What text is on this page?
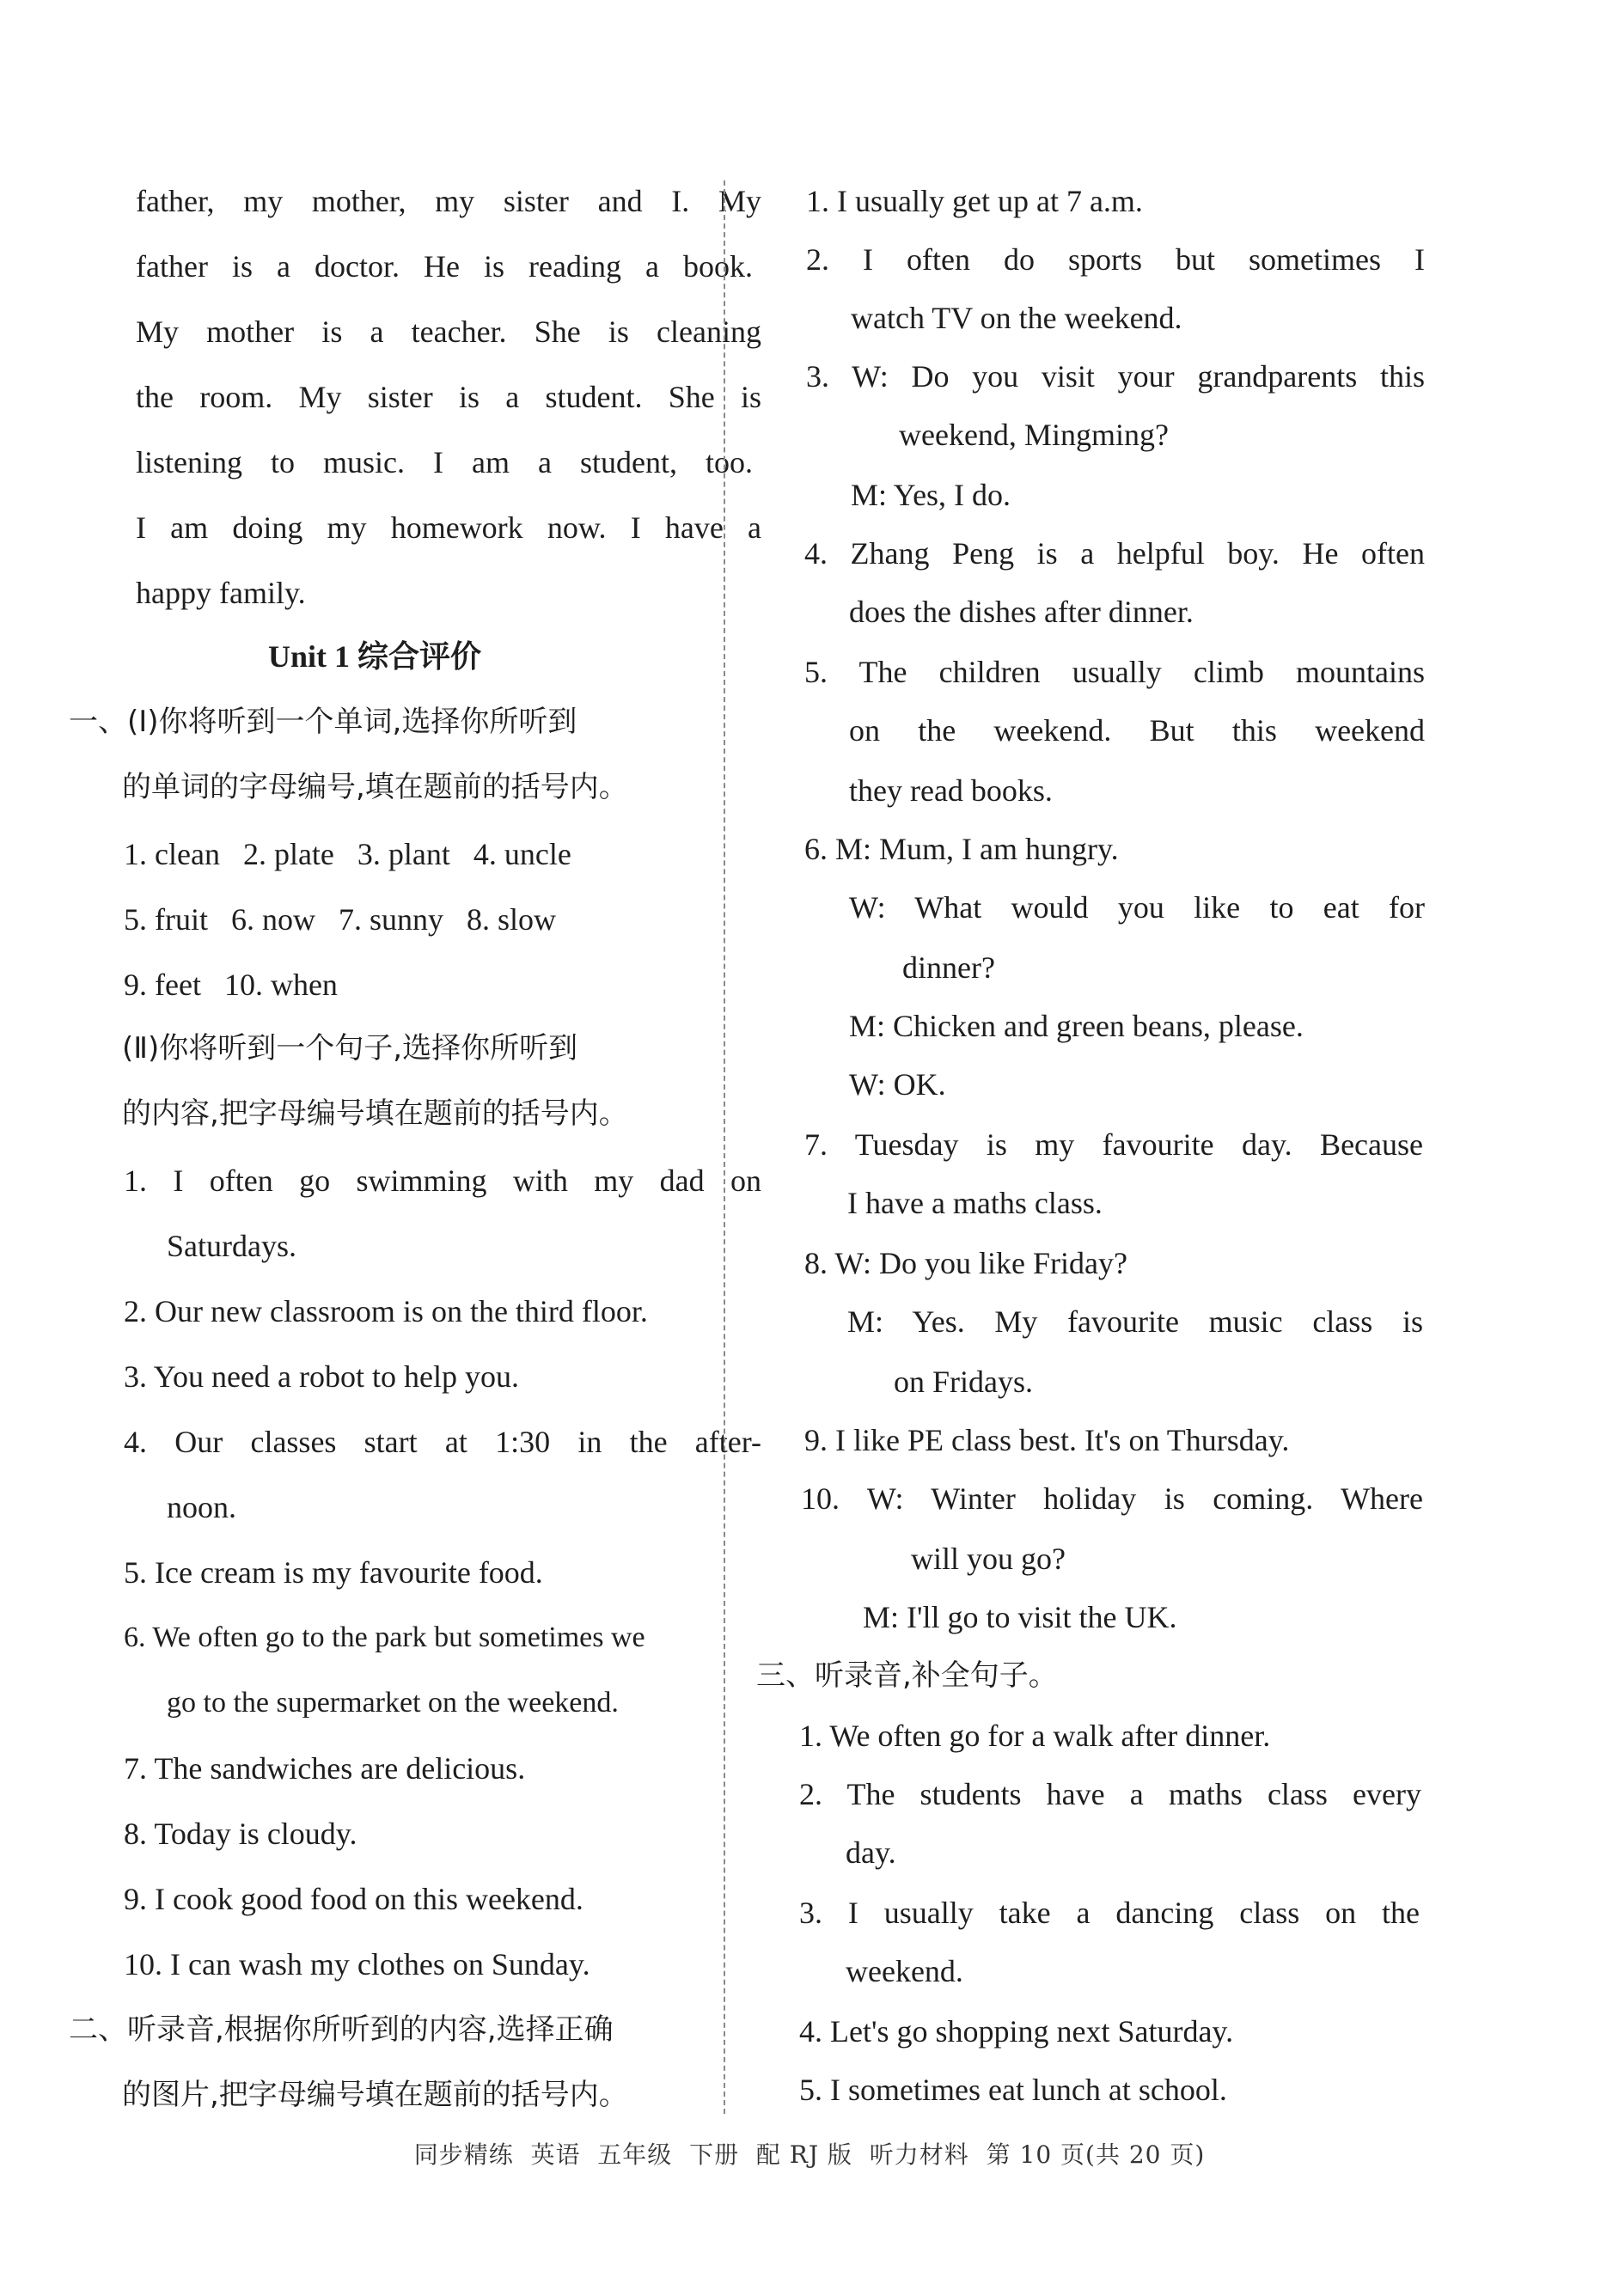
father, my mother, my sister and I. My
father is a doctor. He is reading a book.
My mother is a teacher. She is cleaning
the room. My sister is a student. She is
listening to music. I am a student, too.
I am doing my homework now. I have a
happy family.
Unit 1 综合评价
一、(Ⅰ)你将听到一个单词,选择你所听到
的单词的字母编号,填在题前的括号内。
1. clean   2. plate   3. plant   4. uncle
5. fruit   6. now   7. sunny   8. slow
9. feet   10. when
(Ⅱ)你将听到一个句子,选择你所听到
的内容,把字母编号填在题前的括号内。
1. I often go swimming with my dad on
Saturdays.
2. Our new classroom is on the third floor.
3. You need a robot to help you.
4. Our classes start at 1:30 in the after-
noon.
5. Ice cream is my favourite food.
6. We often go to the park but sometimes we
go to the supermarket on the weekend.
7. The sandwiches are delicious.
8. Today is cloudy.
9. I cook good food on this weekend.
10. I can wash my clothes on Sunday.
二、听录音,根据你所听到的内容,选择正确
的图片,把字母编号填在题前的括号内。
1. I usually get up at 7 a.m.
2. I often do sports but sometimes I
watch TV on the weekend.
3. W: Do you visit your grandparents this
weekend, Mingming?
M: Yes, I do.
4. Zhang Peng is a helpful boy. He often
does the dishes after dinner.
5. The children usually climb mountains
on the weekend. But this weekend
they read books.
6. M: Mum, I am hungry.
W: What would you like to eat for
dinner?
M: Chicken and green beans, please.
W: OK.
7. Tuesday is my favourite day. Because
I have a maths class.
8. W: Do you like Friday?
M: Yes. My favourite music class is
on Fridays.
9. I like PE class best. It's on Thursday.
10. W: Winter holiday is coming. Where
will you go?
M: I'll go to visit the UK.
三、听录音,补全句子。
1. We often go for a walk after dinner.
2. The students have a maths class every
day.
3. I usually take a dancing class on the
weekend.
4. Let's go shopping next Saturday.
5. I sometimes eat lunch at school.
同步精练  英语  五年级  下册  配 RJ 版  听力材料  第 10 页(共 20 页)
